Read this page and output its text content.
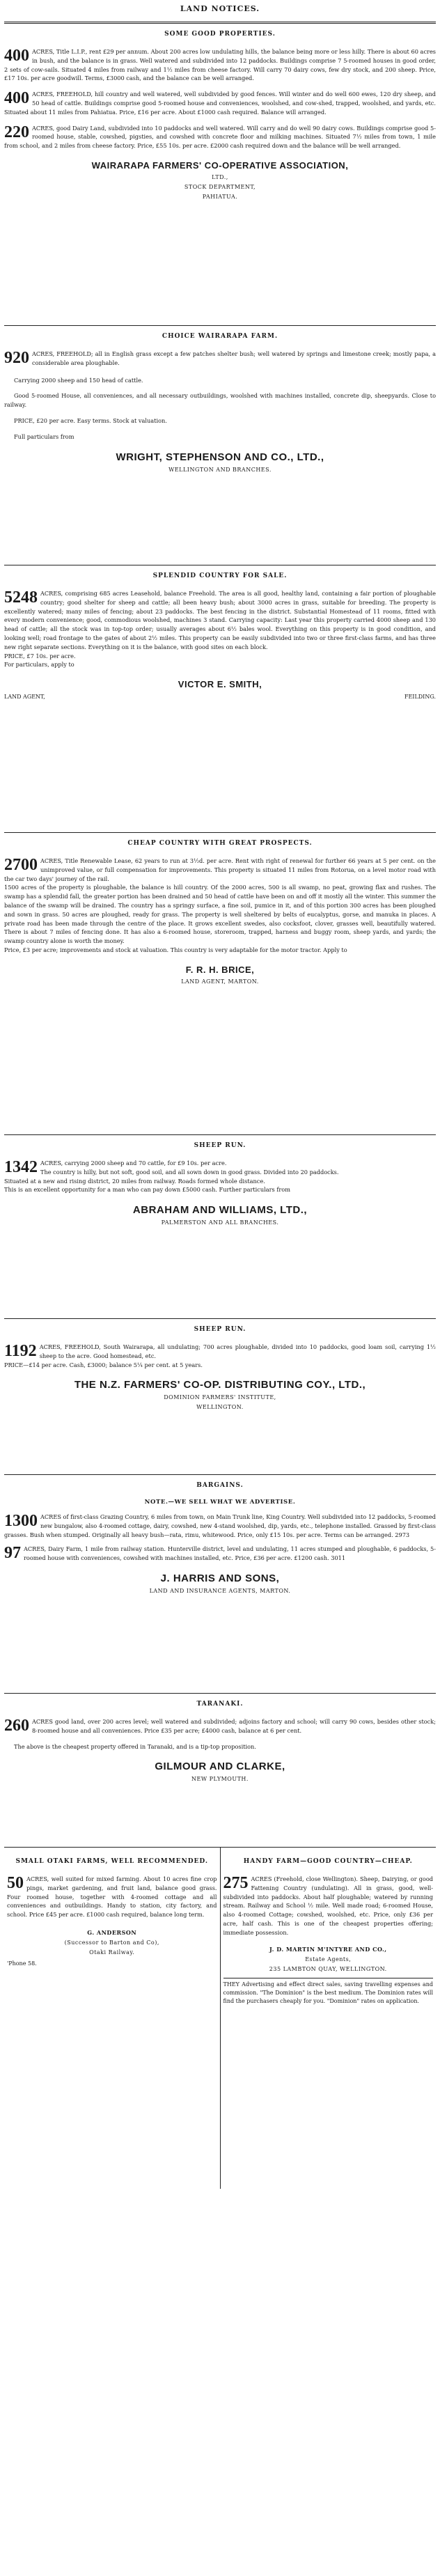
LAND NOTICES.
SOME GOOD PROPERTIES.

400 ACRES, Title L.I.P., rent £29 per annum. About 200 acres low undulating hills, the balance being more or less hilly. There is about 60 acres in bush, and the balance is in grass. Well watered and subdivided into 12 paddocks. Buildings comprise 7 5-roomed houses in good order, 2 sets of cow-sails. Situated 4 miles from railway and 1½ miles from cheese factory. Will carry 70 dairy cows, few dry stock, and 200 sheep. Price, £17 10s. per acre goodwill. Terms, £3000 cash, and the balance can be well arranged.

400 ACRES, FREEHOLD, hill country and well watered, well subdivided by good fences. Will winter and do well 600 ewes, 120 dry sheep, and 50 head of cattle. Buildings comprise good 5-roomed house and conveniences, woolshed, and cow-shed, trapped, woolshed, and yards, etc. Situated about 11 miles from Pahiatua. Price, £16 per acre. About £1000 cash required. Balance will arranged.

220 ACRES, good Dairy Land, subdivided into 10 paddocks and well watered. Will carry and do well 90 dairy cows. Buildings comprise good 5-roomed house, stable, cowshed, pigsties, and cowshed with concrete floor and milking machines. Situated 7½ miles from town, 1 mile from school, and 2 miles from cheese factory. Price, £55 10s. per acre. £2000 cash required down and the balance will be well arranged.

WAIRARAPA FARMERS' CO-OPERATIVE ASSOCIATION,
LTD.,
STOCK DEPARTMENT,
PAHIATUA.
CHOICE WAIRARAPA FARM.

920 ACRES, FREEHOLD; all in English grass except a few patches shelter bush; well watered by springs and limestone creek; mostly papa, a considerable area ploughable.

Carrying 2000 sheep and 150 head of cattle.

Good 5-roomed House, all conveniences, and all necessary outbuildings, woolshed with machines installed, concrete dip, sheepyards. Close to railway.

PRICE, £20 per acre. Easy terms. Stock at valuation.

Full particulars from

WRIGHT, STEPHENSON AND CO., LTD.,
WELLINGTON AND BRANCHES.
SPLENDID COUNTRY FOR SALE.

5248 ACRES, comprising 685 acres Leasehold, balance Freehold. The area is all good, healthy land, containing a fair portion of ploughable country; good shelter for sheep and cattle; all been heavy bush; about 3000 acres in grass, suitable for breeding. The property is excellently watered; many miles of fencing; about 23 paddocks. The best fencing in the district. Substantial Homestead of 11 rooms, fitted with every modern convenience; good, commodious woolshed, machines 3 stand. Carrying capacity: Last year this property carried 4000 sheep and 130 head of cattle; all the stock was in top-top order; usually averages about 6½ bales wool. Everything on this property is in good condition, and looking well; road frontage to the gates of about 2½ miles. This property can be easily subdivided into two or three first-class farms, and has three new right separate sections. Everything on it is the balance, with good sites on each block.
PRICE, £7 10s. per acre.
For particulars, apply to

VICTOR E. SMITH,
LAND AGENT,	FEILDING.
CHEAP COUNTRY WITH GREAT PROSPECTS.

2700 ACRES, Title Renewable Lease, 62 years to run at 3½d. per acre. Rent with right of renewal for further 66 years at 5 per cent. on the unimproved value, or full compensation for improvements. This property is situated 11 miles from Rotorua, on a level motor road with the car two days' journey of the rail.
1500 acres of the property is ploughable, the balance is hill country. Of the 2000 acres, 500 is all swamp, no peat, growing flax and rushes. The swamp has a splendid fall, the greater portion has been drained and 50 head of cattle have been on and off it mostly all the winter. This summer the balance of the swamp will be drained. The country has a springy surface, a fine soil, pumice in it, and of this portion 300 acres has been ploughed and sown in grass. 50 acres are ploughed, ready for grass. The property is well sheltered by belts of eucalyptus, gorse, and manuka in places. A private road has been made through the centre of the place. It grows excellent swedes, also cocksfoot, clover, grasses well, beautifully watered. There is about 7 miles of fencing done. It has also a 6-roomed house, storeroom, trapped, harness and buggy room, sheep yards, and yards; the swamp country alone is worth the money.
Price, £3 per acre; improvements and stock at valuation. This country is very adaptable for the motor tractor. Apply to

F. R. H. BRICE,
LAND AGENT, MARTON.
SHEEP RUN.

1342 ACRES, carrying 2000 sheep and 70 cattle, for £9 10s. per acre.
The country is hilly, but not soft, good soil, and all sown down in good grass. Divided into 20 paddocks.
Situated at a new and rising district, 20 miles from railway. Roads formed whole distance.
This is an excellent opportunity for a man who can pay down £5000 cash. Further particulars from

ABRAHAM AND WILLIAMS, LTD.,
PALMERSTON AND ALL BRANCHES.
SHEEP RUN.

1192 ACRES, FREEHOLD, South Wairarapa, all undulating; 700 acres ploughable, divided into 10 paddocks, good loam soil, carrying 1½ sheep to the acre. Good homestead, etc.
PRICE—£14 per acre. Cash, £3000; balance 5¼ per cent. at 5 years.

THE N.Z. FARMERS' CO-OP. DISTRIBUTING COY., LTD.,
DOMINION FARMERS' INSTITUTE,
WELLINGTON.
BARGAINS.
NOTE.—WE SELL WHAT WE ADVERTISE.

1300 ACRES of first-class Grazing Country, 6 miles from town, on Main Trunk line, King Country. Well subdivided into 12 paddocks, 5-roomed new bungalow, also 4-roomed cottage, dairy, cowshed, new 4-stand woolshed, dip, yards, etc., telephone installed. Grassed by first-class grasses. Bush when stumped. Originally all heavy bush—rata, rimu, whitewood. Price, only £15 10s. per acre. Terms can be arranged. 2973

97 ACRES, Dairy Farm, 1 mile from railway station. Hunterville district, level and undulating, 11 acres stumped and ploughable, 6 paddocks, 5-roomed house with conveniences, cowshed with machines installed, etc. Price, £36 per acre. £1200 cash. 3011

J. HARRIS AND SONS,
LAND AND INSURANCE AGENTS, MARTON.
TARANAKI.

260 ACRES good land, over 200 acres level; well watered and subdivided; adjoins factory and school; will carry 90 cows, besides other stock; 8-roomed house and all conveniences. Price £35 per acre; £4000 cash, balance at 6 per cent.

The above is the cheapest property offered in Taranaki, and is a tip-top proposition.

GILMOUR AND CLARKE,
NEW PLYMOUTH.
SMALL OTAKI FARMS, WELL RECOMMENDED.

50 ACRES, well suited for mixed farming. About 10 acres fine crop pings, market gardening, and fruit land, balance good grass. Four roomed house, together with 4-roomed cottage and all conveniences and outbuildings. Handy to station, city factory, and school. Price £45 per acre. £1000 cash required, balance long term.

G. ANDERSON
(Successor to Barton and Co),
Otaki Railway.
'Phone 58.
HANDY FARM—GOOD COUNTRY—CHEAP.

275 ACRES (Freehold, close Wellington). Sheep, Dairying, or good Fattening Country (undulating). All in grass, good, well-subdivided into paddocks. About half ploughable; watered by running stream. Railway and School ½ mile. Well made road; 6-roomed House, also 4-roomed Cottage; cowshed, woolshed, etc. Price, only £36 per acre, half cash. This is one of the cheapest properties offering; immediate possession.

J. D. MARTIN M'INTYRE AND CO.,
Estate Agents,
235 LAMBTON QUAY, WELLINGTON.
THEY Advertising and effect direct sales, saving travelling expenses and commission. "The Dominion" is the best medium. The Dominion rates will find the purchasers cheaply for you. "Dominion" rates on application.
